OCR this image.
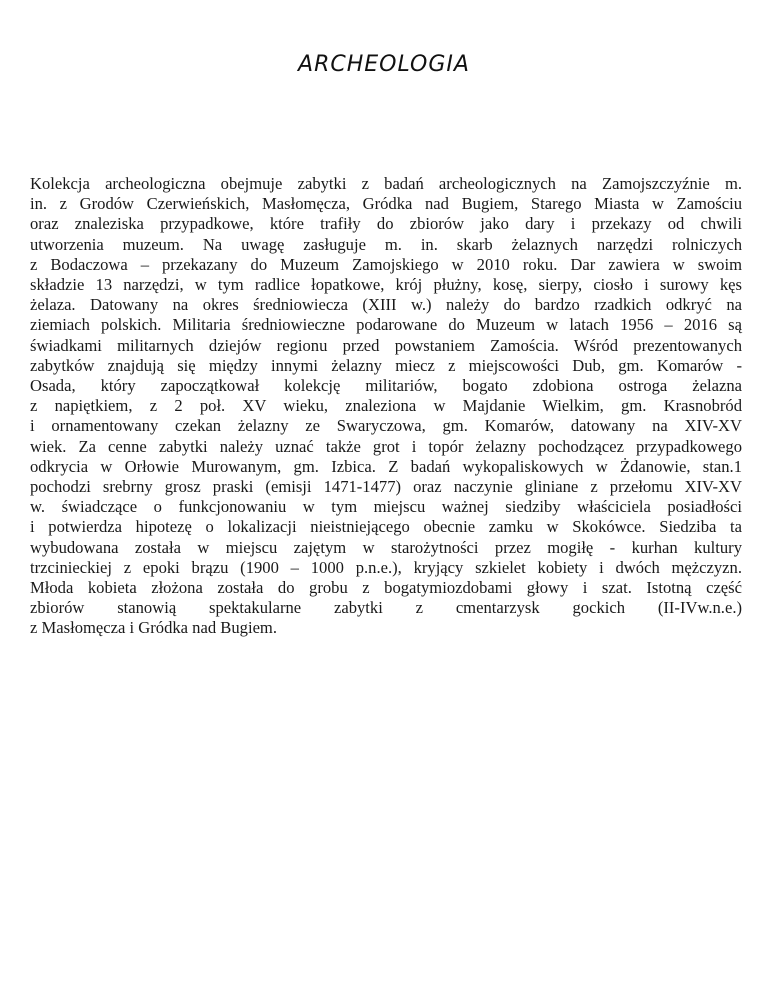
ARCHEOLOGIA

Kolekcja archeologiczna obejmuje zabytki z badań archeologicznych na Zamojszczyźnie m.
in. z Grodów Czerwieńskich, Masłomęcza, Gródka nad Bugiem, Starego Miasta w Zamościu
oraz znaleziska przypadkowe, które trafiły do zbiorów jako dary i przekazy od chwili
utworzenia muzeum. Na uwagę zasługuje m. in. skarb żelaznych narzędzi rolniczych
z Bodaczowa – przekazany do Muzeum Zamojskiego w 2010 roku. Dar zawiera w swoim
składzie 13 narzędzi, w tym radlice łopatkowe, krój płużny, kosę, sierpy, ciosło i surowy kęs
żelaza. Datowany na okres średniowiecza (XIII w.) należy do bardzo rzadkich odkryć na
ziemiach polskich. Militaria średniowieczne podarowane do Muzeum w latach 1956 – 2016 są
świadkami militarnych dziejów regionu przed powstaniem Zamościa. Wśród prezentowanych
zabytków znajdują się między innymi żelazny miecz z miejscowości Dub, gm. Komarów -
Osada, który zapoczątkował kolekcję militariów, bogato zdobiona ostroga żelazna
z napiętkiem, z 2 poł. XV wieku, znaleziona w Majdanie Wielkim, gm. Krasnobród
i ornamentowany czekan żelazny ze Swaryczowa, gm. Komarów, datowany na XIV-XV
wiek. Za cenne zabytki należy uznać także grot i topór żelazny pochodzącez przypadkowego
odkrycia w Orłowie Murowanym, gm. Izbica. Z badań wykopaliskowych w Żdanowie, stan.1
pochodzi srebrny grosz praski (emisji 1471-1477) oraz naczynie gliniane z przełomu XIV-XV
w. świadczące o funkcjonowaniu w tym miejscu ważnej siedziby właściciela posiadłości
i potwierdza hipotezę o lokalizacji nieistniejącego obecnie zamku w Skokówce. Siedziba ta
wybudowana została w miejscu zajętym w starożytności przez mogiłę - kurhan kultury
trzcinieckiej z epoki brązu (1900 – 1000 p.n.e.), kryjący szkielet kobiety i dwóch mężczyzn.
Młoda kobieta złożona została do grobu z bogatymiozdobami głowy i szat. Istotną część
zbiorów stanowią spektakularne zabytki z cmentarzysk gockich (II-IVw.n.e.)
z Masłomęcza i Gródka nad Bugiem.
